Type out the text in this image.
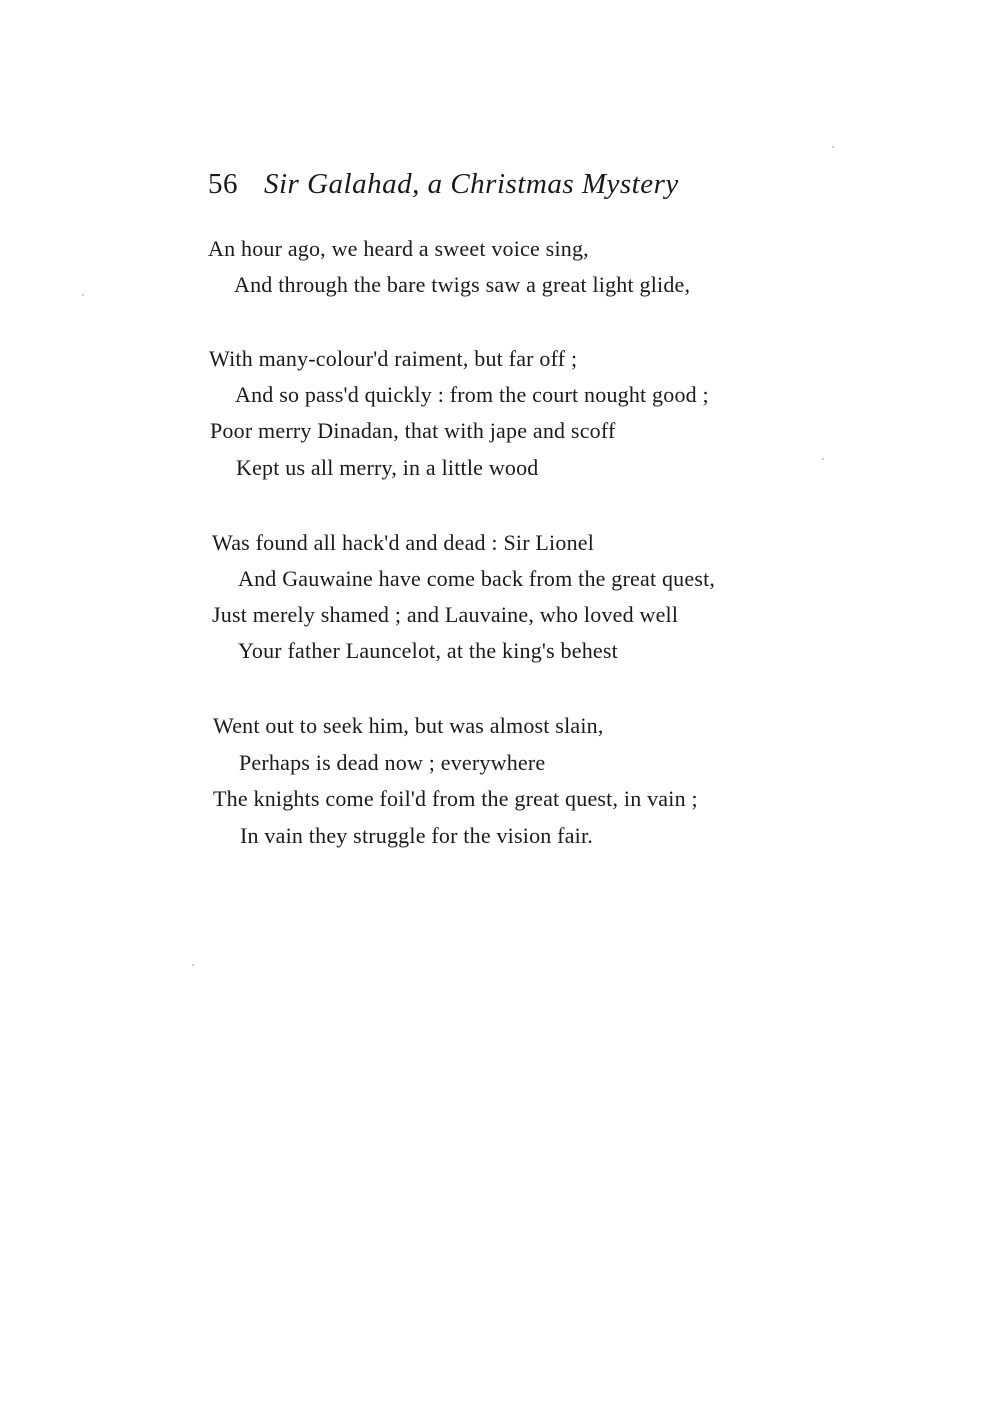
56 Sir Galahad, a Christmas Mystery
An hour ago, we heard a sweet voice sing,
And through the bare twigs saw a great light glide,
With many-colour'd raiment, but far off ;
And so pass'd quickly : from the court nought good ;
Poor merry Dinadan, that with jape and scoff
Kept us all merry, in a little wood
Was found all hack'd and dead : Sir Lionel
And Gauwaine have come back from the great quest,
Just merely shamed ; and Lauvaine, who loved well
Your father Launcelot, at the king's behest
Went out to seek him, but was almost slain,
Perhaps is dead now ; everywhere
The knights come foil'd from the great quest, in vain ;
In vain they struggle for the vision fair.
